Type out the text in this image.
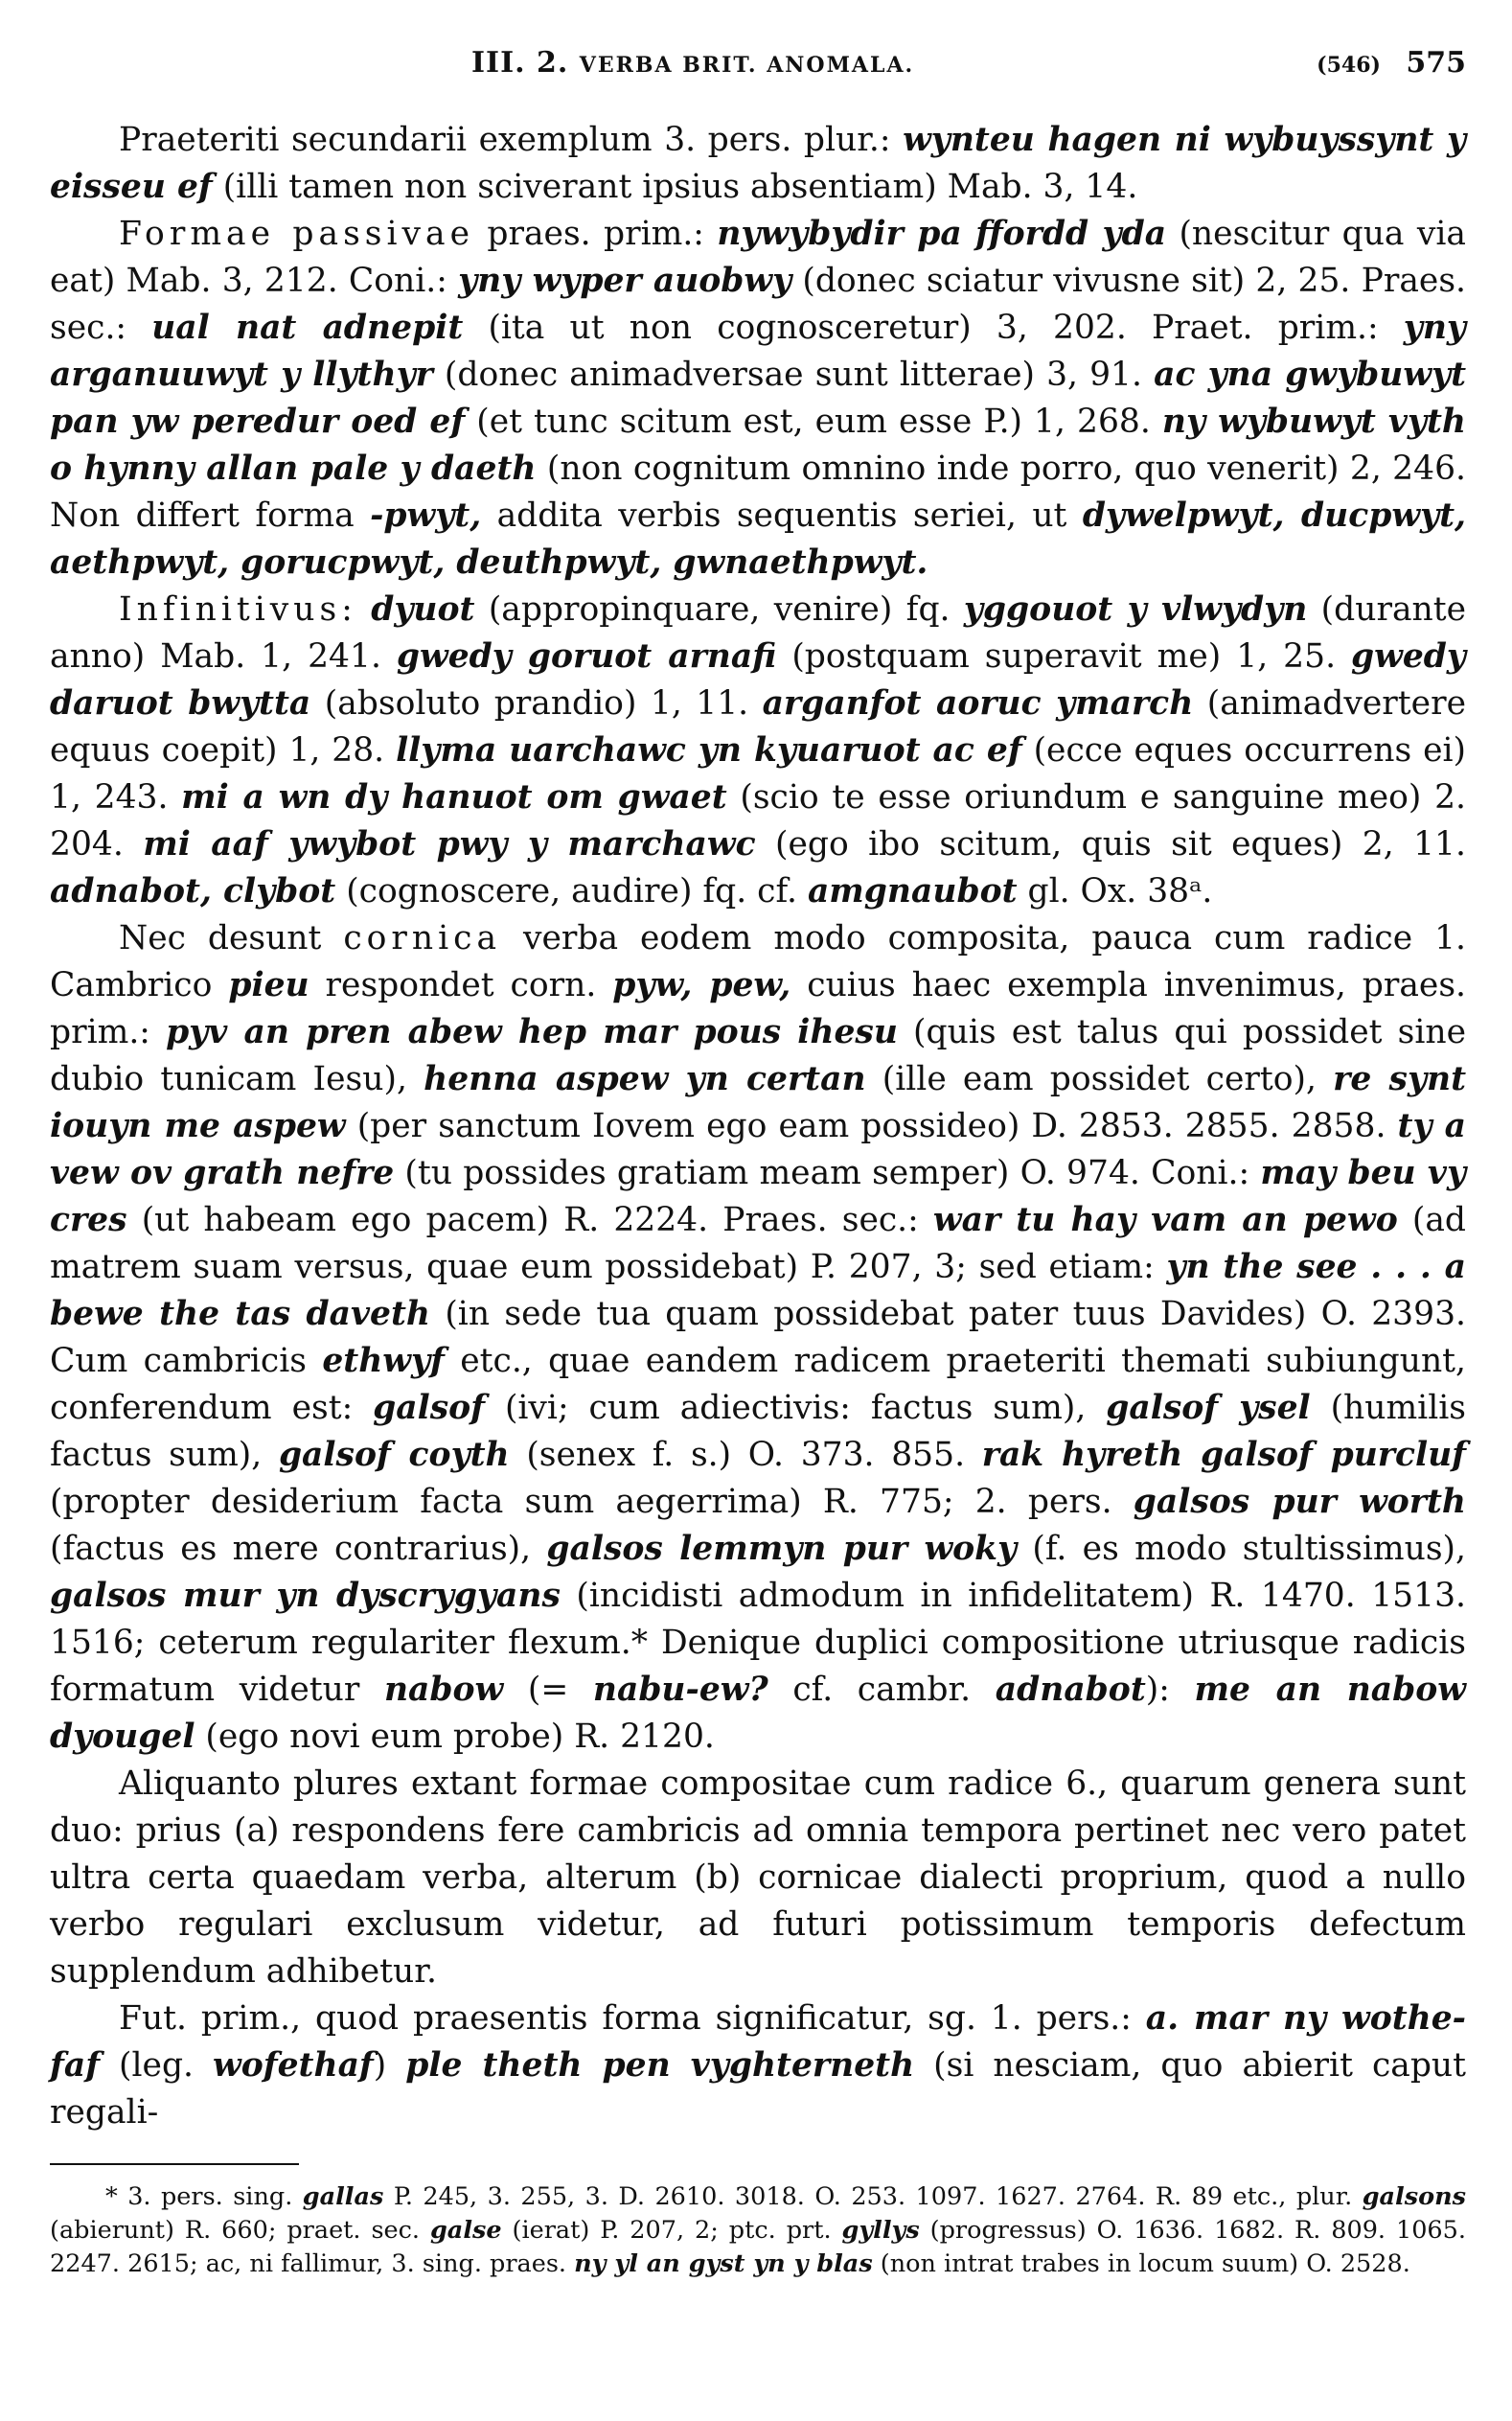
III. 2. VERBA BRIT. ANOMALA.	(546) 575

Praeteriti secundarii exemplum 3. pers. plur.: wynteu hagen ni wybuyssynt y eisseu ef (illi tamen non sciverant ipsius absentiam) Mab. 3, 14.

Formae passivae praes. prim.: nywybydir pa ffordd yda (nescitur qua via eat) Mab. 3, 212. Coni.: yny wyper auobwy (donec sciatur vivusne sit) 2, 25. Praes. sec.: ual nat adnepit (ita ut non cognosceretur) 3, 202. Praet. prim.: yny arganuuwyt y llythyr (donec animadversae sunt litterae) 3, 91. ac yna gwybuwyt pan yw peredur oed ef (et tunc scitum est, eum esse P.) 1, 268. ny wybuwyt vyth o hynny allan pale y daeth (non cognitum omnino inde porro, quo venerit) 2, 246. Non differt forma -pwyt, addita verbis sequentis seriei, ut dywelpwyt, ducpwyt, aethpwyt, gorucpwyt, deuthpwyt, gwnaethpwyt.

Infinitivus: dyuot (appropinquare, venire) fq. yggouot y vlwydyn (durante anno) Mab. 1, 241. gwedy goruot arnafi (postquam superavit me) 1, 25. gwedy daruot bwytta (absoluto prandio) 1, 11. arganfot aoruc ymarch (animadvertere equus coepit) 1, 28. llyma uarchawc yn kyuaruot ac ef (ecce eques occurrens ei) 1, 243. mi a wn dy hanuot om gwaet (scio te esse oriundum e sanguine meo) 2. 204. mi aaf ywybot pwy y marchawc (ego ibo scitum, quis sit eques) 2, 11. adnabot, clybot (cognoscere, audire) fq. cf. amgnaubot gl. Ox. 38ᵃ.

Nec desunt cornica verba eodem modo composita, pauca cum radice 1. Cambrico pieu respondet corn. pyw, pew, cuius haec exempla invenimus, praes. prim.: pyv an pren abew hep mar pous ihesu (quis est talus qui possidet sine dubio tunicam Iesu), henna aspew yn certan (ille eam possidet certo), re synt iouyn me aspew (per sanctum Iovem ego eam possideo) D. 2853. 2855. 2858. ty a vew ov grath nefre (tu possides gratiam meam semper) O. 974. Coni.: may beu vy cres (ut habeam ego pacem) R. 2224. Praes. sec.: war tu hay vam an pewo (ad matrem suam versus, quae eum possidebat) P. 207, 3; sed etiam: yn the see . . . a bewe the tas daveth (in sede tua quam possidebat pater tuus Davides) O. 2393. Cum cambricis ethwyf etc., quae eandem radicem praeteriti themati subiungunt, conferendum est: galsof (ivi; cum adiectivis: factus sum), galsof ysel (humilis factus sum), galsof coyth (senex f. s.) O. 373. 855. rak hyreth galsof purcluf (propter desiderium facta sum aegerrima) R. 775; 2. pers. galsos pur worth (factus es mere contrarius), galsos lemmyn pur woky (f. es modo stultissimus), galsos mur yn dyscrygyans (incidisti admodum in infidelitatem) R. 1470. 1513. 1516; ceterum regulariter flexum.* Denique duplici compositione utriusque radicis formatum videtur nabow (= nabu-ew? cf. cambr. adnabot): me an nabow dyougel (ego novi eum probe) R. 2120.

Aliquanto plures extant formae compositae cum radice 6., quarum genera sunt duo: prius (a) respondens fere cambricis ad omnia tempora pertinet nec vero patet ultra certa quaedam verba, alterum (b) cornicae dialecti proprium, quod a nullo verbo regulari exclusum videtur, ad futuri potissimum temporis defectum supplendum adhibetur.

Fut. prim., quod praesentis forma significatur, sg. 1. pers.: a. mar ny wothe-faf (leg. wofethaf) ple theth pen vyghterneth (si nesciam, quo abierit caput regali-

* 3. pers. sing. gallas P. 245, 3. 255, 3. D. 2610. 3018. O. 253. 1097. 1627. 2764. R. 89 etc., plur. galsons (abierunt) R. 660; praet. sec. galse (ierat) P. 207, 2; ptc. prt. gyllys (progressus) O. 1636. 1682. R. 809. 1065. 2247. 2615; ac, ni fallimur, 3. sing. praes. ny yl an gyst yn y blas (non intrat trabes in locum suum) O. 2528.
